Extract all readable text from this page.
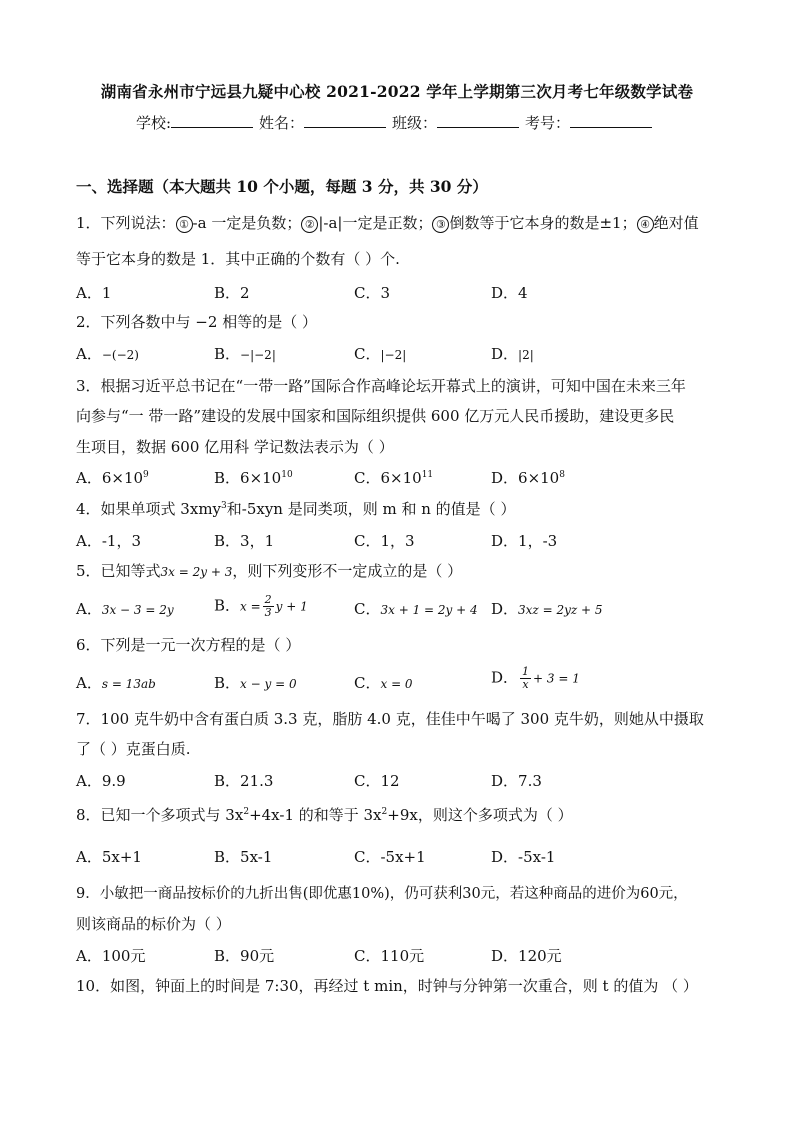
湖南省永州市宁远县九疑中心校 2021-2022 学年上学期第三次月考七年级数学试卷
学校:	姓名：	班级：	考号：
一、选择题（本大题共 10 个小题，每题 3 分，共 30 分）
1．下列说法： ① -a 一定是负数； ② |-a|一定是正数； ③ 倒数等于它本身的数是±1； ④ 绝对值
等于它本身的数是 1．其中正确的个数有（ ）个.
A．1	B．2	C．3	D．4
2．下列各数中与 −2 相等的是（ ）
A．−(−2)	B．−|−2|	C．|−2|	D．|2|
3．根据习近平总书记在“一带一路”国际合作高峰论坛开幕式上的演讲，可知中国在未来三年
向参与“一 带一路”建设的发展中国家和国际组织提供 600 亿万元人民币援助，建设更多民
生项目，数据 600 亿用科 学记数法表示为（ ）
A．$6\times 10^9$	B．$6\times 10^{10}$	C．$6\times 10^{11}$	D．$6\times 10^8$
4．如果单项式 3xmy$^3$和-5xyn 是同类项，则 m 和 n 的值是（ ）
A．-1，3	B．3，1	C．1，3	D．1，-3
5．已知等式3x = 2y + 3，则下列变形不一定成立的是（ ）
A．3x − 3 = 2y	B．$x = \frac{2}{3}$ y + 1	C．3x + 1 = 2y + 4 D．3xz = 2yz + 5
6．下列是一元一次方程的是（ ）
A．s = 13ab	B．x − y = 0	C．x = 0	D． $\frac{1}{x} + 3 = 1$
7．100 克牛奶中含有蛋白质 3.3 克，脂肪 4.0 克，佳佳中午喝了 300 克牛奶，则她从中摄取
了（ ）克蛋白质.
A．9.9	B．21.3	C．12	D．7.3
8．已知一个多项式与 $3x^2+4x-1$ 的和等于 $3x^2+9x$，则这个多项式为（ ）
A．5x+1	B．5x-1	C．-5x+1	D．-5x-1
9．小敏把一商品按标价的九折出售(即优惠10%)，仍可获利30元，若这种商品的进价为60元，
则该商品的标价为（ ）
A．100元	B．90元	C．110元	D．120元
10．如图，钟面上的时间是 7:30，再经过 t min，时钟与分钟第一次重合，则 t 的值为 （ ）
